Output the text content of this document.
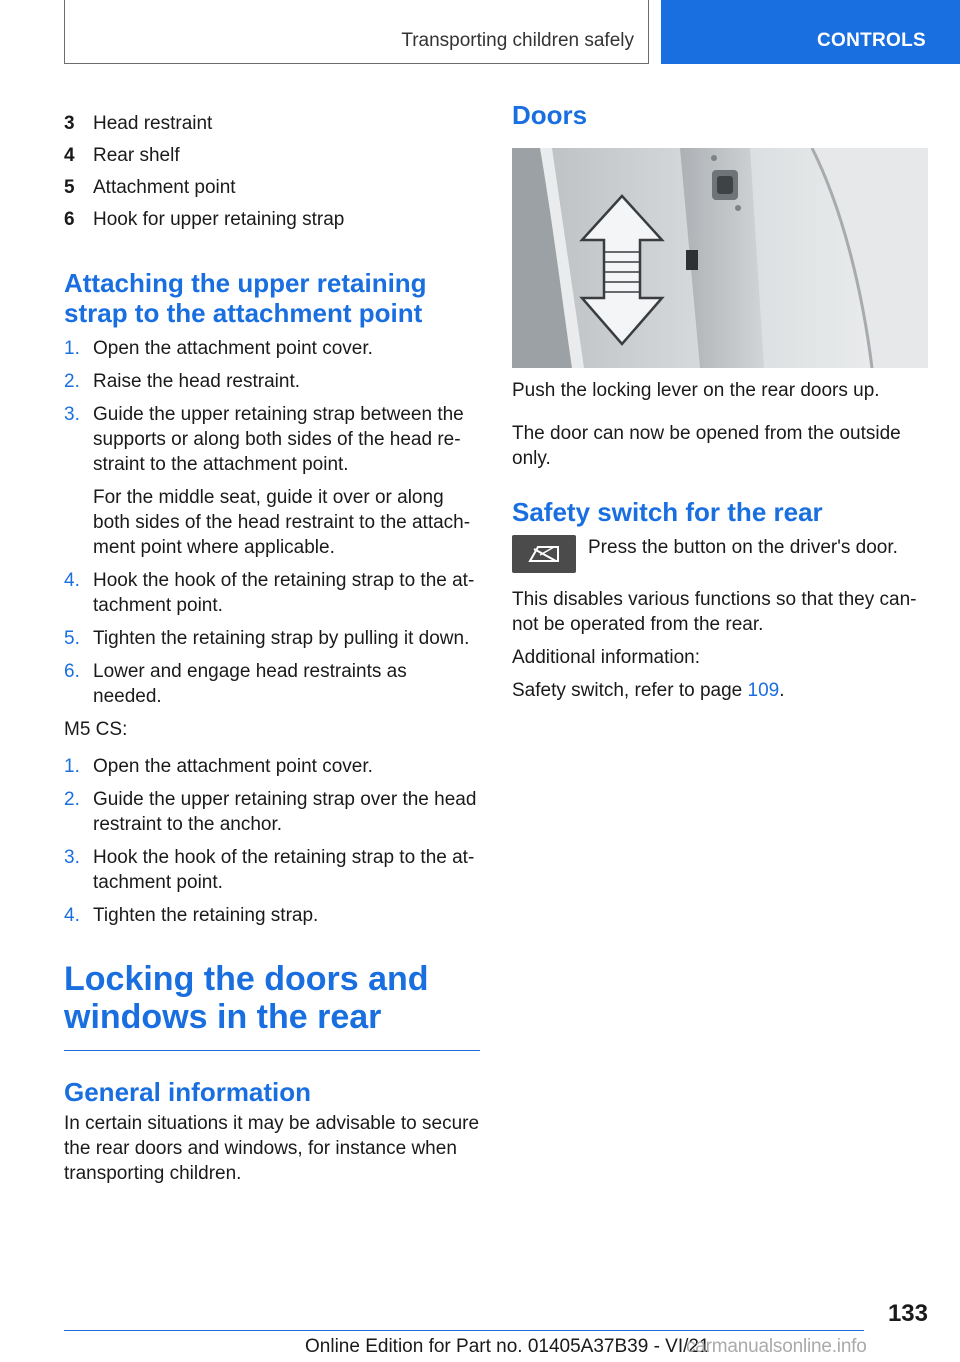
Transporting children safely	CONTROLS
3 Head restraint
4 Rear shelf
5 Attachment point
6 Hook for upper retaining strap
Attaching the upper retaining strap to the attachment point
1. Open the attachment point cover.

2. Raise the head restraint.

3. Guide the upper retaining strap between the supports or along both sides of the head re‐ straint to the attachment point.

For the middle seat, guide it over or along both sides of the head restraint to the attach‐ ment point where applicable.

4. Hook the hook of the retaining strap to the at‐ tachment point.

5. Tighten the retaining strap by pulling it down.

6. Lower and engage head restraints as needed.

M5 CS:

1. Open the attachment point cover.

2. Guide the upper retaining strap over the head restraint to the anchor.

3. Hook the hook of the retaining strap to the at‐ tachment point.

4. Tighten the retaining strap.

Locking the doors and windows in the rear
General information

In certain situations it may be advisable to secure the rear doors and windows, for instance when transporting children.

Doors

Push the locking lever on the rear doors up.

The door can now be opened from the outside only.

Safety switch for the rear

Press the button on the driver's door.

This disables various functions so that they can‐ not be operated from the rear.

Additional information:

Safety switch, refer to page 109.

133
Online Edition for Part no. 01405A37B39 - VI/21
carmanualsonline.info
